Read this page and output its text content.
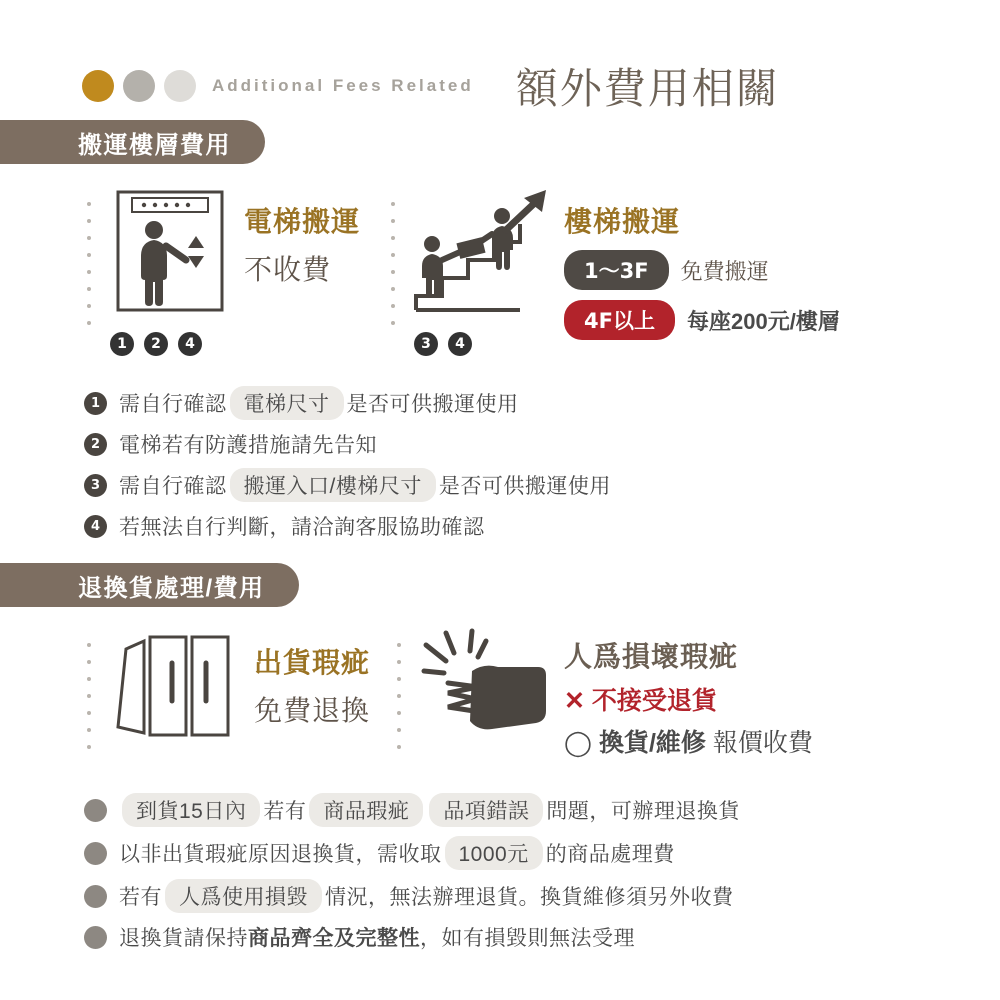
Additional Fees Related 額外費用相關
搬運樓層費用
1	2	4
電梯搬運
不收費
3	4
樓梯搬運
1〜3F	免費搬運
4F以上	每座200元/樓層
1 需自行確認 電梯尺寸 是否可供搬運使用
2 電梯若有防護措施請先告知
3 需自行確認 搬運入口/樓梯尺寸 是否可供搬運使用
4 若無法自行判斷，請洽詢客服協助確認
退換貨處理/費用
出貨瑕疵
免費退換
人爲損壞瑕疵
✕ 不接受退貨
◯ 換貨/維修 報價收費
到貨15日內 若有 商品瑕疵 品項錯誤 問題，可辦理退換貨
以非出貨瑕疵原因退換貨，需收取 1000元 的商品處理費
若有 人爲使用損毀 情況，無法辦理退貨。換貨維修須另外收費
退換貨請保持商品齊全及完整性，如有損毀則無法受理
